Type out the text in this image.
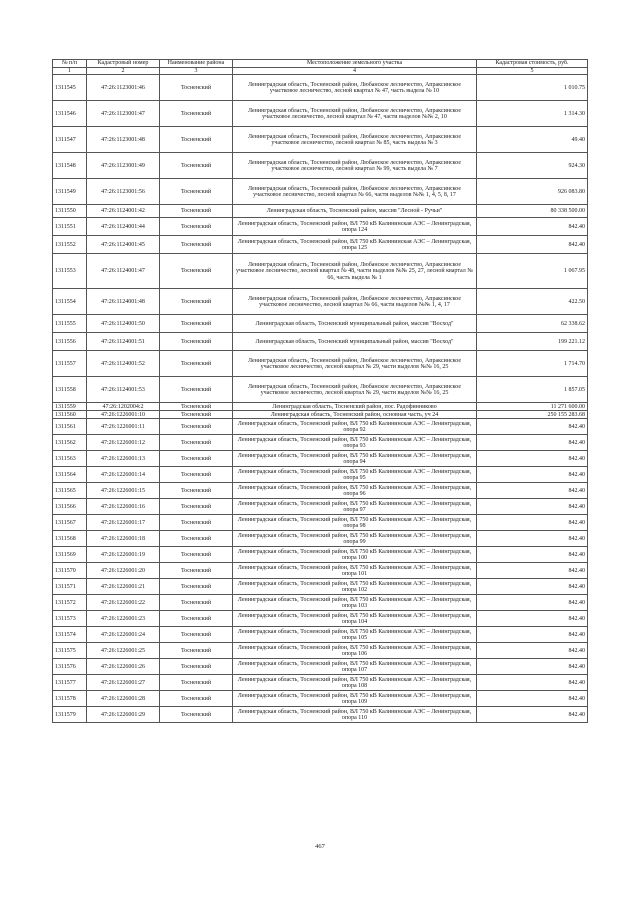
№ п/п	Кадастровый номер	Наименование района	Местоположение земельного участка	Кадастровая стоимость, руб.
1	2	3	4	5
1311545	47:26:1123001:46	Тосненский	Ленинградская область, Тосненский район, Любанское лесничество, Апраксинское участковое лесничество, лесной квартал № 47, часть выдела № 10	1 010.75
1311546	47:26:1123001:47	Тосненский	Ленинградская область, Тосненский район, Любанское лесничество, Апраксинское участковое лесничество, лесной квартал № 47, части выделов №№ 2, 10	1 314.30
1311547	47:26:1123001:48	Тосненский	Ленинградская область, Тосненский район, Любанское лесничество, Апраксинское участковое лесничество, лесной квартал № 85, часть выдела № 3	49.40
1311548	47:26:1123001:49	Тосненский	Ленинградская область, Тосненский район, Любанское лесничество, Апраксинское участковое лесничество, лесной квартал № 99, часть выдела № 7	924.30
1311549	47:26:1123001:56	Тосненский	Ленинградская область, Тосненский район, Любанское лесничество, Апраксинское участковое лесничество, лесной квартал № 66, части выделов №№ 1, 4, 5, 8, 17	926 083.80
1311550	47:26:1124001:42	Тосненский	Ленинградская область, Тосненский район, массив "Лесной - Ручьи"	80 338 500.00
1311551	47:26:1124001:44	Тосненский	Ленинградская область, Тосненский район, ВЛ 750 кВ Калининская АЭС – Ленинградская, опора 124	842.40
1311552	47:26:1124001:45	Тосненский	Ленинградская область, Тосненский район, ВЛ 750 кВ Калининская АЭС – Ленинградская, опора 125	842.40
1311553	47:26:1124001:47	Тосненский	Ленинградская область, Тосненский район, Любанское лесничество, Апраксинское участковое лесничество, лесной квартал № 48, части выделов №№ 25, 27, лесной квартал № 66, часть выдела № 1	1 067.95
1311554	47:26:1124001:48	Тосненский	Ленинградская область, Тосненский район, Любанское лесничество, Апраксинское участковое лесничество, лесной квартал № 66, части выделов №№ 1, 4, 17	422.50
1311555	47:26:1124001:50	Тосненский	Ленинградская область, Тосненский муниципальный район, массив "Восход"	62 338.62
1311556	47:26:1124001:51	Тосненский	Ленинградская область, Тосненский муниципальный район, массив "Восход"	199 221.12
1311557	47:26:1124001:52	Тосненский	Ленинградская область, Тосненский район, Любанское лесничество, Апраксинское участковое лесничество, лесной квартал № 29, части выделов №№ 16, 25	1 714.70
1311558	47:26:1124001:53	Тосненский	Ленинградская область, Тосненский район, Любанское лесничество, Апраксинское участковое лесничество, лесной квартал № 29, части выделов №№ 16, 25	1 857.05
1311559	47:26:1202004:2	Тосненский	Ленинградская область, Тосненский район, пос. Радофинниково	11 271 600.00
1311560	47:26:1226001:10	Тосненский	Ленинградская область, Тосненский район, основная часть, уч 24	250 155 283.68
1311561	47:26:1226001:11	Тосненский	Ленинградская область, Тосненский район, ВЛ 750 кВ Калининская АЭС – Ленинградская, опора 92	842.40
1311562	47:26:1226001:12	Тосненский	Ленинградская область, Тосненский район, ВЛ 750 кВ Калининская АЭС – Ленинградская, опора 93	842.40
1311563	47:26:1226001:13	Тосненский	Ленинградская область, Тосненский район, ВЛ 750 кВ Калининская АЭС – Ленинградская, опора 94	842.40
1311564	47:26:1226001:14	Тосненский	Ленинградская область, Тосненский район, ВЛ 750 кВ Калининская АЭС – Ленинградская, опора 95	842.40
1311565	47:26:1226001:15	Тосненский	Ленинградская область, Тосненский район, ВЛ 750 кВ Калининская АЭС – Ленинградская, опора 96	842.40
1311566	47:26:1226001:16	Тосненский	Ленинградская область, Тосненский район, ВЛ 750 кВ Калининская АЭС – Ленинградская, опора 97	842.40
1311567	47:26:1226001:17	Тосненский	Ленинградская область, Тосненский район, ВЛ 750 кВ Калининская АЭС – Ленинградская, опора 98	842.40
1311568	47:26:1226001:18	Тосненский	Ленинградская область, Тосненский район, ВЛ 750 кВ Калининская АЭС – Ленинградская, опора 99	842.40
1311569	47:26:1226001:19	Тосненский	Ленинградская область, Тосненский район, ВЛ 750 кВ Калининская АЭС – Ленинградская, опора 100	842.40
1311570	47:26:1226001:20	Тосненский	Ленинградская область, Тосненский район, ВЛ 750 кВ Калининская АЭС – Ленинградская, опора 101	842.40
1311571	47:26:1226001:21	Тосненский	Ленинградская область, Тосненский район, ВЛ 750 кВ Калининская АЭС – Ленинградская, опора 102	842.40
1311572	47:26:1226001:22	Тосненский	Ленинградская область, Тосненский район, ВЛ 750 кВ Калининская АЭС – Ленинградская, опора 103	842.40
1311573	47:26:1226001:23	Тосненский	Ленинградская область, Тосненский район, ВЛ 750 кВ Калининская АЭС – Ленинградская, опора 104	842.40
1311574	47:26:1226001:24	Тосненский	Ленинградская область, Тосненский район, ВЛ 750 кВ Калининская АЭС – Ленинградская, опора 105	842.40
1311575	47:26:1226001:25	Тосненский	Ленинградская область, Тосненский район, ВЛ 750 кВ Калининская АЭС – Ленинградская, опора 106	842.40
1311576	47:26:1226001:26	Тосненский	Ленинградская область, Тосненский район, ВЛ 750 кВ Калининская АЭС – Ленинградская, опора 107	842.40
1311577	47:26:1226001:27	Тосненский	Ленинградская область, Тосненский район, ВЛ 750 кВ Калининская АЭС – Ленинградская, опора 108	842.40
1311578	47:26:1226001:28	Тосненский	Ленинградская область, Тосненский район, ВЛ 750 кВ Калининская АЭС – Ленинградская, опора 109	842.40
1311579	47:26:1226001:29	Тосненский	Ленинградская область, Тосненский район, ВЛ 750 кВ Калининская АЭС – Ленинградская, опора 110	842.40
467
